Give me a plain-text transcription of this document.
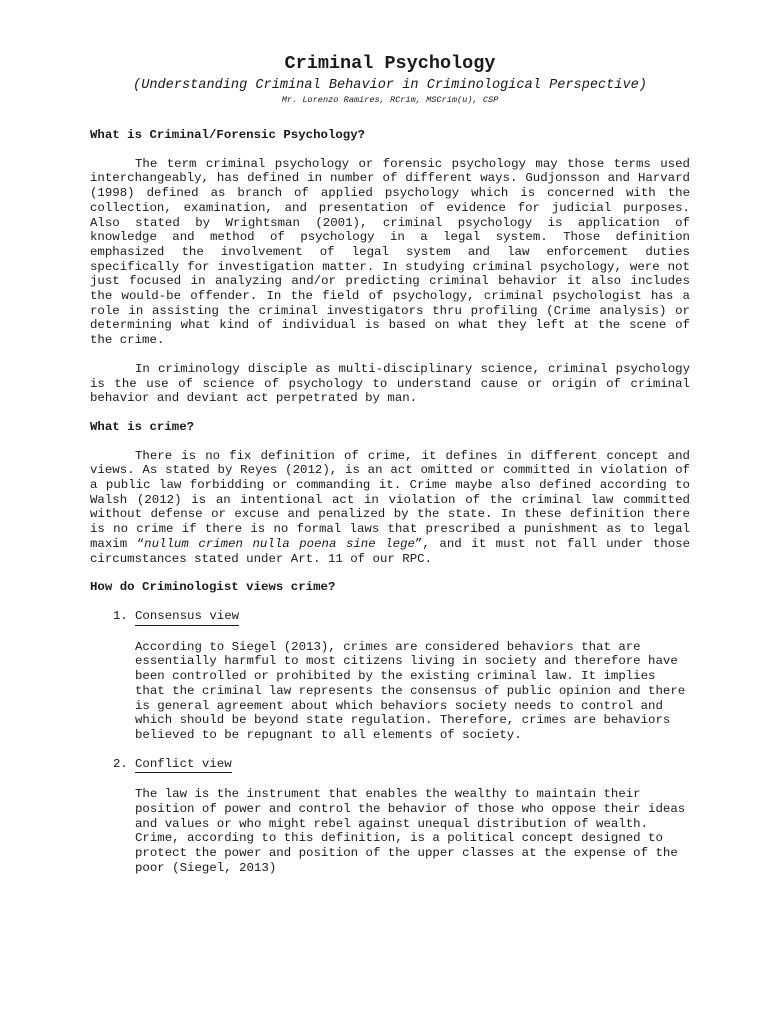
Criminal Psychology
(Understanding Criminal Behavior in Criminological Perspective)
Mr. Lorenzo Ramires, RCrim, MSCrim(u), CSP
What is Criminal/Forensic Psychology?

The term criminal psychology or forensic psychology may those terms used interchangeably, has defined in number of different ways. Gudjonsson and Harvard (1998) defined as branch of applied psychology which is concerned with the collection, examination, and presentation of evidence for judicial purposes. Also stated by Wrightsman (2001), criminal psychology is application of knowledge and method of psychology in a legal system. Those definition emphasized the involvement of legal system and law enforcement duties specifically for investigation matter. In studying criminal psychology, were not just focused in analyzing and/or predicting criminal behavior it also includes the would-be offender. In the field of psychology, criminal psychologist has a role in assisting the criminal investigators thru profiling (Crime analysis) or determining what kind of individual is based on what they left at the scene of the crime.

In criminology disciple as multi-disciplinary science, criminal psychology is the use of science of psychology to understand cause or origin of criminal behavior and deviant act perpetrated by man.

What is crime?

There is no fix definition of crime, it defines in different concept and views. As stated by Reyes (2012), is an act omitted or committed in violation of a public law forbidding or commanding it. Crime maybe also defined according to Walsh (2012) is an intentional act in violation of the criminal law committed without defense or excuse and penalized by the state. In these definition there is no crime if there is no formal laws that prescribed a punishment as to legal maxim “nullum crimen nulla poena sine lege”, and it must not fall under those circumstances stated under Art. 11 of our RPC.

How do Criminologist views crime?
1. Consensus view

According to Siegel (2013), crimes are considered behaviors that are essentially harmful to most citizens living in society and therefore have been controlled or prohibited by the existing criminal law. It implies that the criminal law represents the consensus of public opinion and there is general agreement about which behaviors society needs to control and which should be beyond state regulation. Therefore, crimes are behaviors believed to be repugnant to all elements of society.

2. Conflict view

The law is the instrument that enables the wealthy to maintain their position of power and control the behavior of those who oppose their ideas and values or who might rebel against unequal distribution of wealth. Crime, according to this definition, is a political concept designed to protect the power and position of the upper classes at the expense of the poor (Siegel, 2013)
